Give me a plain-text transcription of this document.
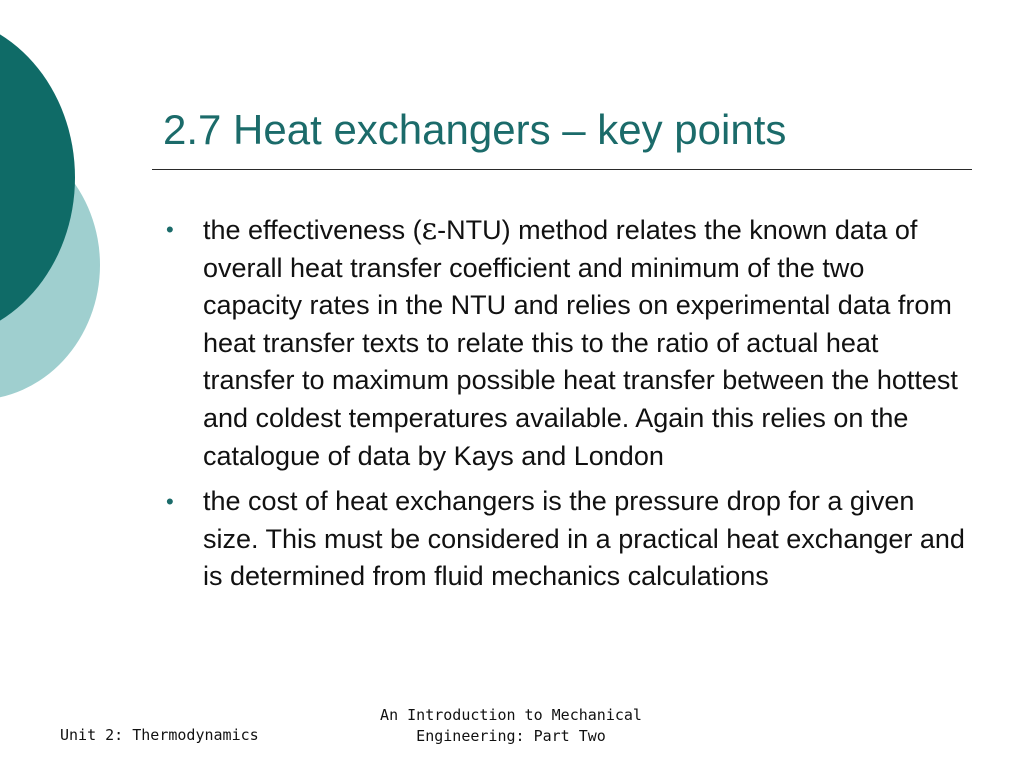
2.7 Heat exchangers – key points
• the effectiveness (ε-NTU) method relates the known data of overall heat transfer coefficient and minimum of the two capacity rates in the NTU and relies on experimental data from heat transfer texts to relate this to the ratio of actual heat transfer to maximum possible heat transfer between the hottest and coldest temperatures available. Again this relies on the catalogue of data by Kays and London
• the cost of heat exchangers is the pressure drop for a given size. This must be considered in a practical heat exchanger and is determined from fluid mechanics calculations
Unit 2: Thermodynamics
An Introduction to Mechanical
Engineering: Part Two
